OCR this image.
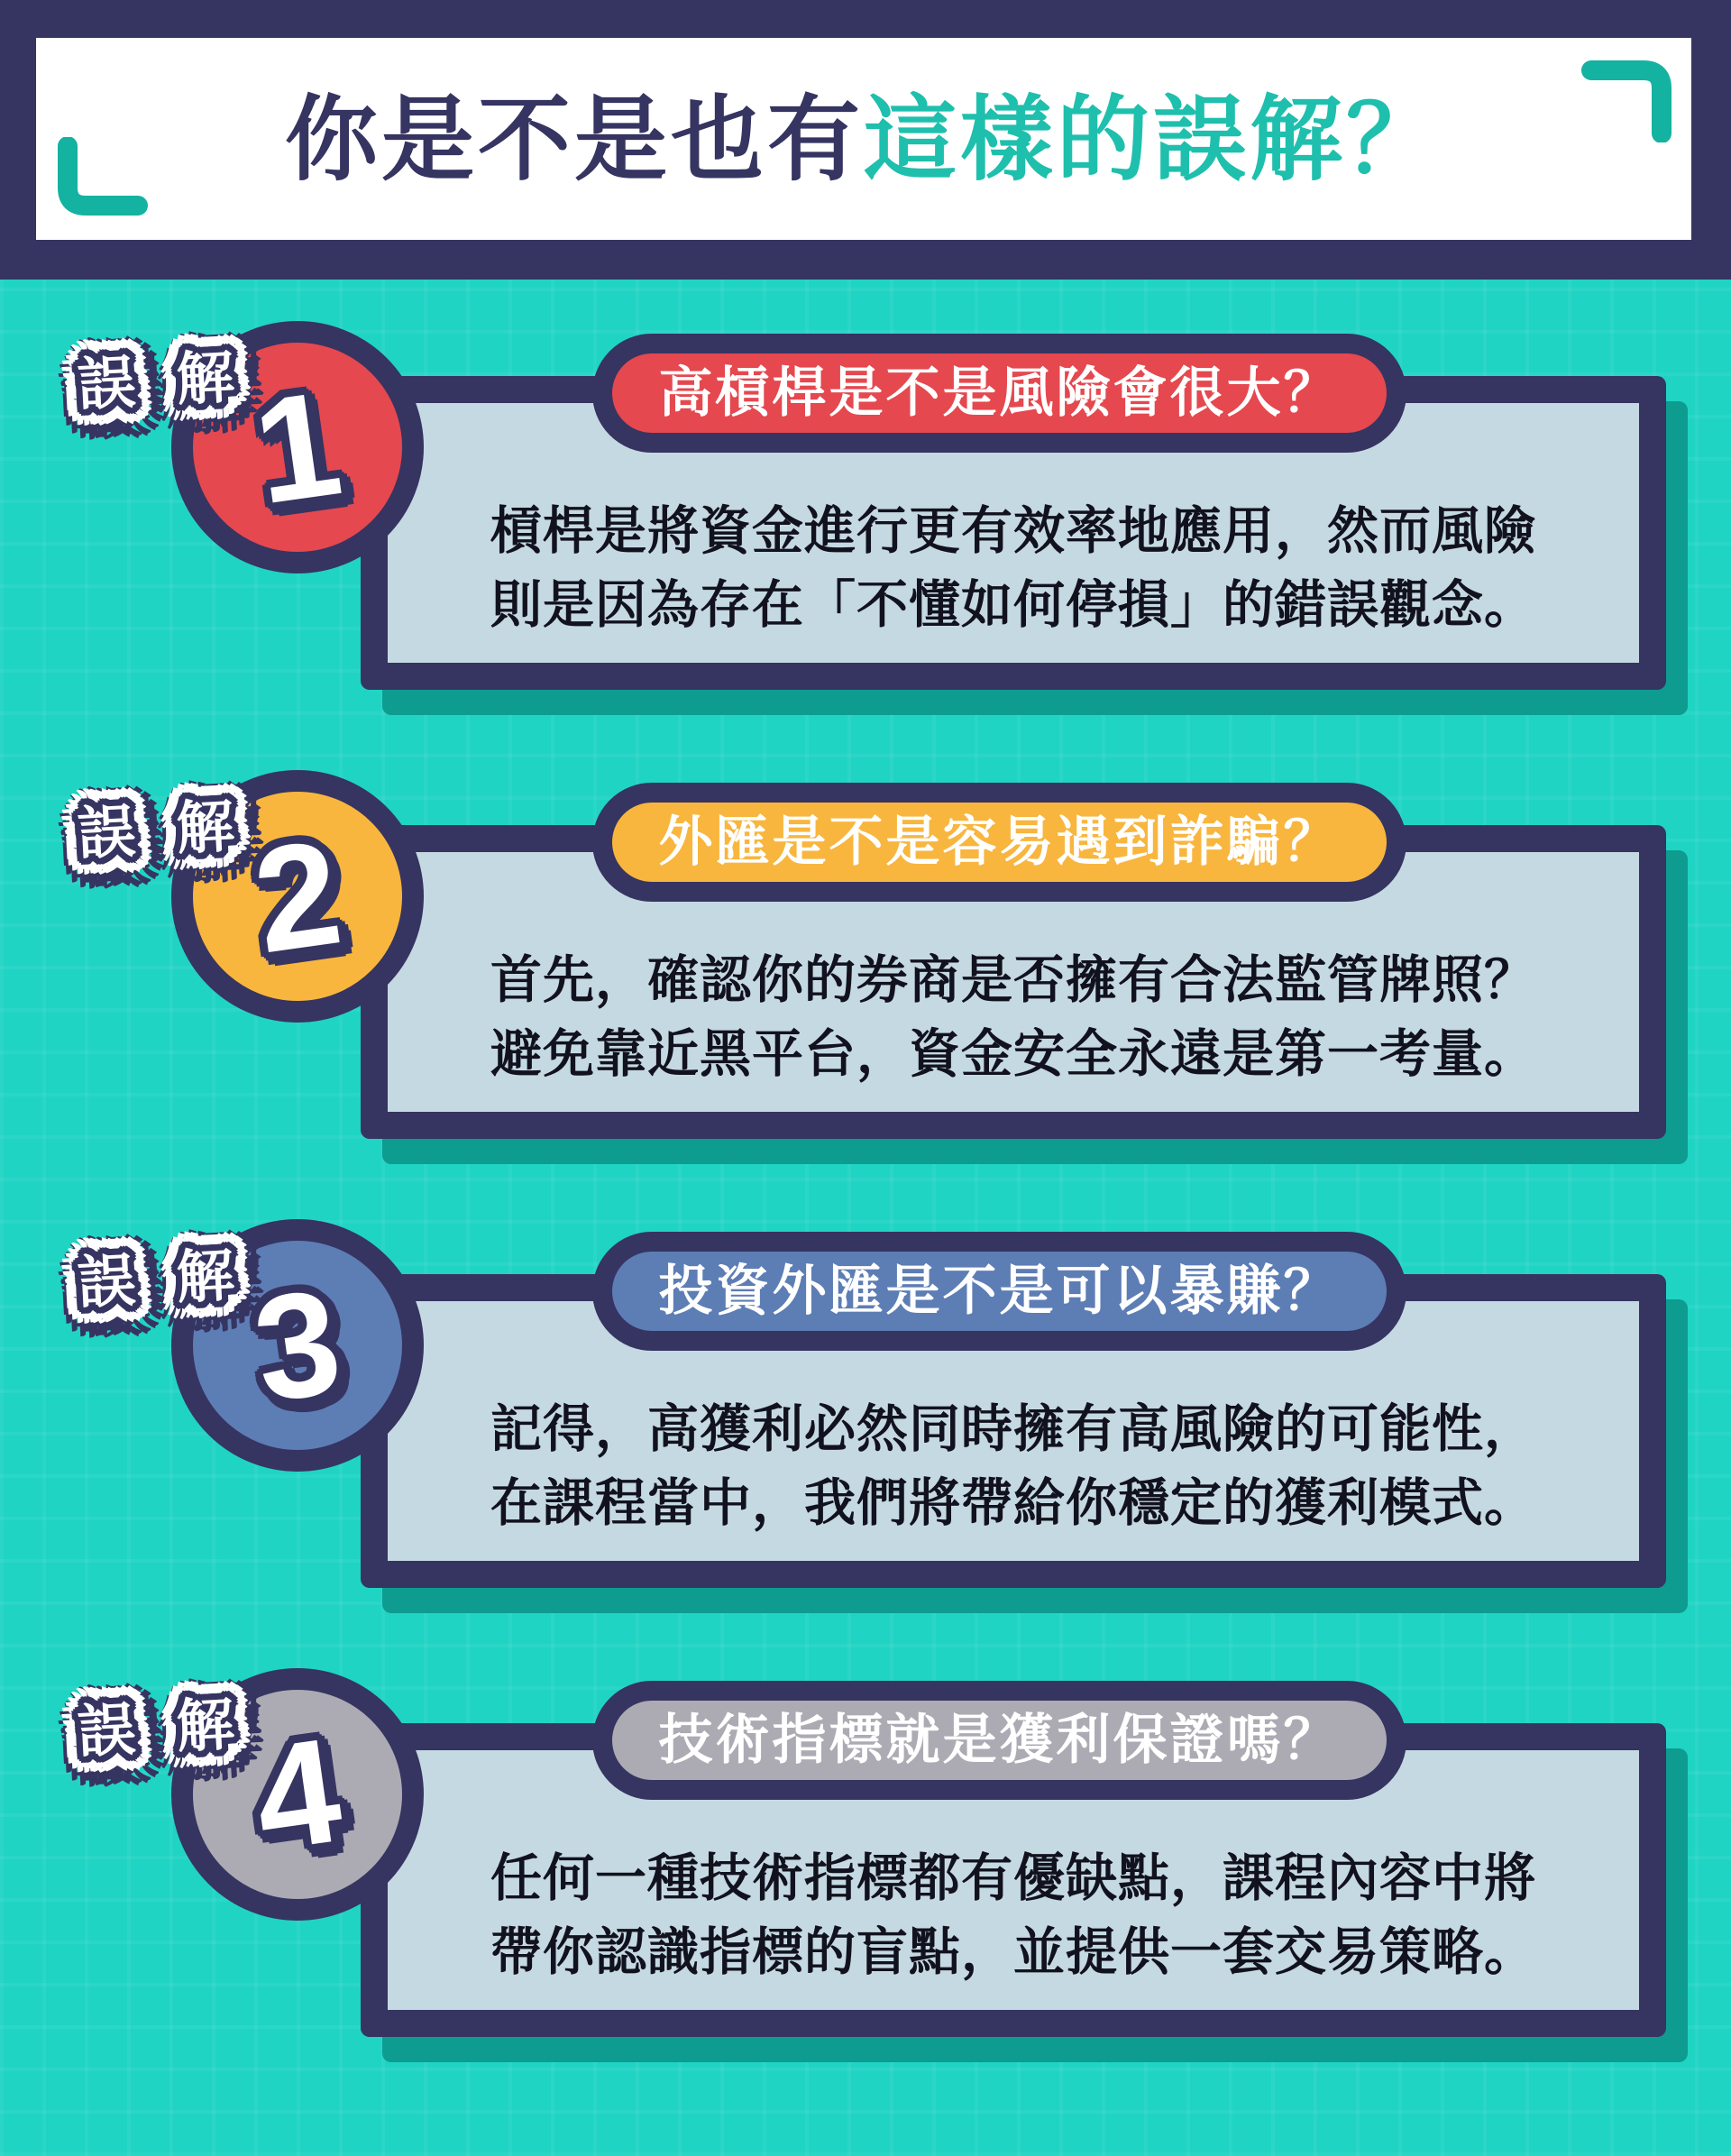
你是不是也有這樣的誤解？
高槓桿是不是風險會很大？
1
誤 解
槓桿是將資金進行更有效率地應用，然而風險
則是因為存在「不懂如何停損」的錯誤觀念。
外匯是不是容易遇到詐騙？
2
誤 解
首先，確認你的券商是否擁有合法監管牌照？
避免靠近黑平台，資金安全永遠是第一考量。
投資外匯是不是可以暴賺？
3
誤 解
記得，高獲利必然同時擁有高風險的可能性，
在課程當中，我們將帶給你穩定的獲利模式。
技術指標就是獲利保證嗎？
4
誤 解
任何一種技術指標都有優缺點，課程內容中將
帶你認識指標的盲點，並提供一套交易策略。
